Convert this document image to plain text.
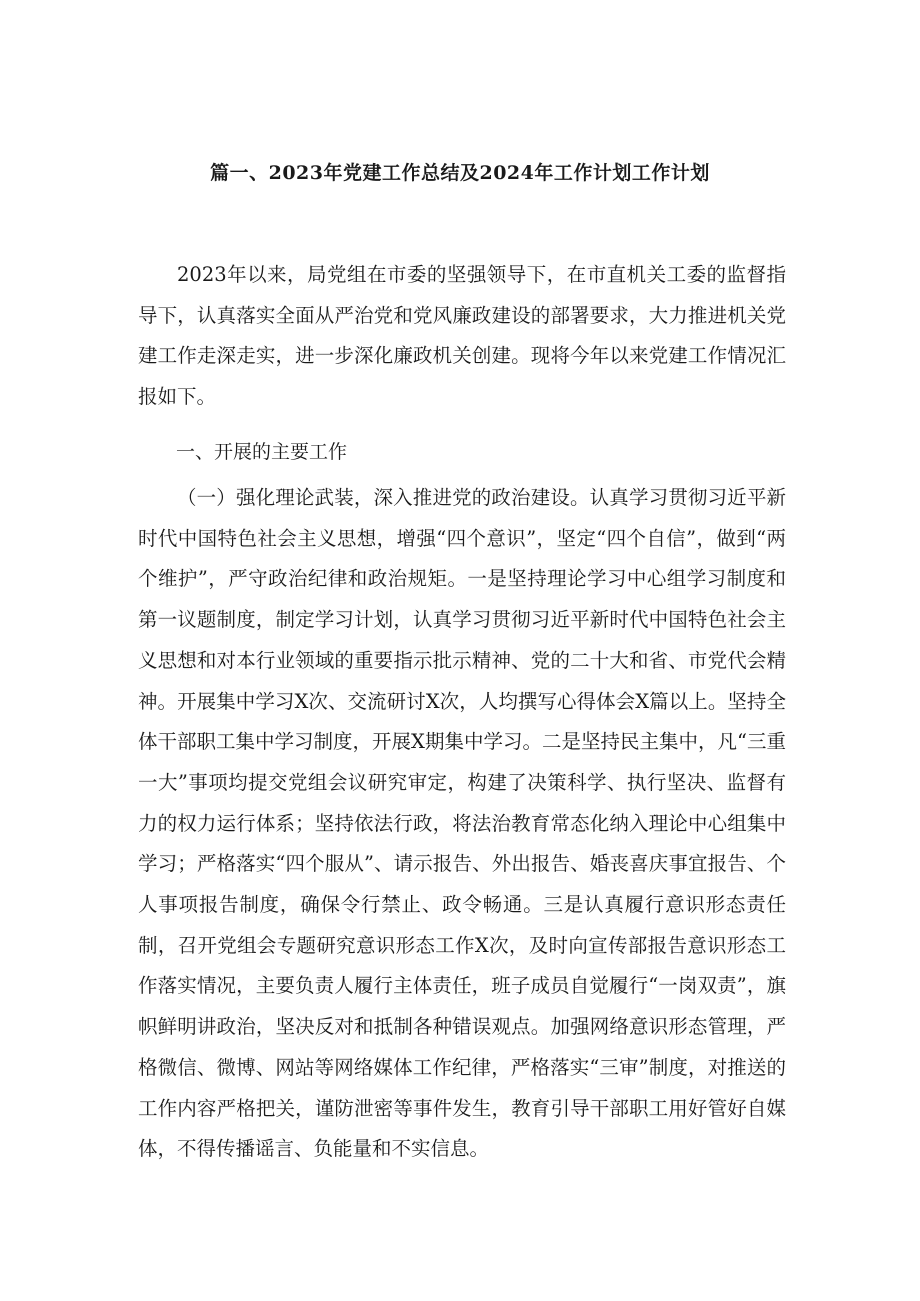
篇一、2023年党建工作总结及2024年工作计划工作计划

2023年以来，局党组在市委的坚强领导下，在市直机关工委的监督指导下，认真落实全面从严治党和党风廉政建设的部署要求，大力推进机关党建工作走深走实，进一步深化廉政机关创建。现将今年以来党建工作情况汇报如下。

一、开展的主要工作

（一）强化理论武装，深入推进党的政治建设。认真学习贯彻习近平新时代中国特色社会主义思想，增强“四个意识”，坚定“四个自信”，做到“两个维护”，严守政治纪律和政治规矩。一是坚持理论学习中心组学习制度和第一议题制度，制定学习计划，认真学习贯彻习近平新时代中国特色社会主义思想和对本行业领域的重要指示批示精神、党的二十大和省、市党代会精神。开展集中学习X次、交流研讨X次，人均撰写心得体会X篇以上。坚持全体干部职工集中学习制度，开展X期集中学习。二是坚持民主集中，凡“三重一大”事项均提交党组会议研究审定，构建了决策科学、执行坚决、监督有力的权力运行体系；坚持依法行政，将法治教育常态化纳入理论中心组集中学习；严格落实“四个服从”、请示报告、外出报告、婚丧喜庆事宜报告、个人事项报告制度，确保令行禁止、政令畅通。三是认真履行意识形态责任制，召开党组会专题研究意识形态工作X次，及时向宣传部报告意识形态工作落实情况，主要负责人履行主体责任，班子成员自觉履行“一岗双责”，旗帜鲜明讲政治，坚决反对和抵制各种错误观点。加强网络意识形态管理，严格微信、微博、网站等网络媒体工作纪律，严格落实“三审”制度，对推送的工作内容严格把关，谨防泄密等事件发生，教育引导干部职工用好管好自媒体，不得传播谣言、负能量和不实信息。
